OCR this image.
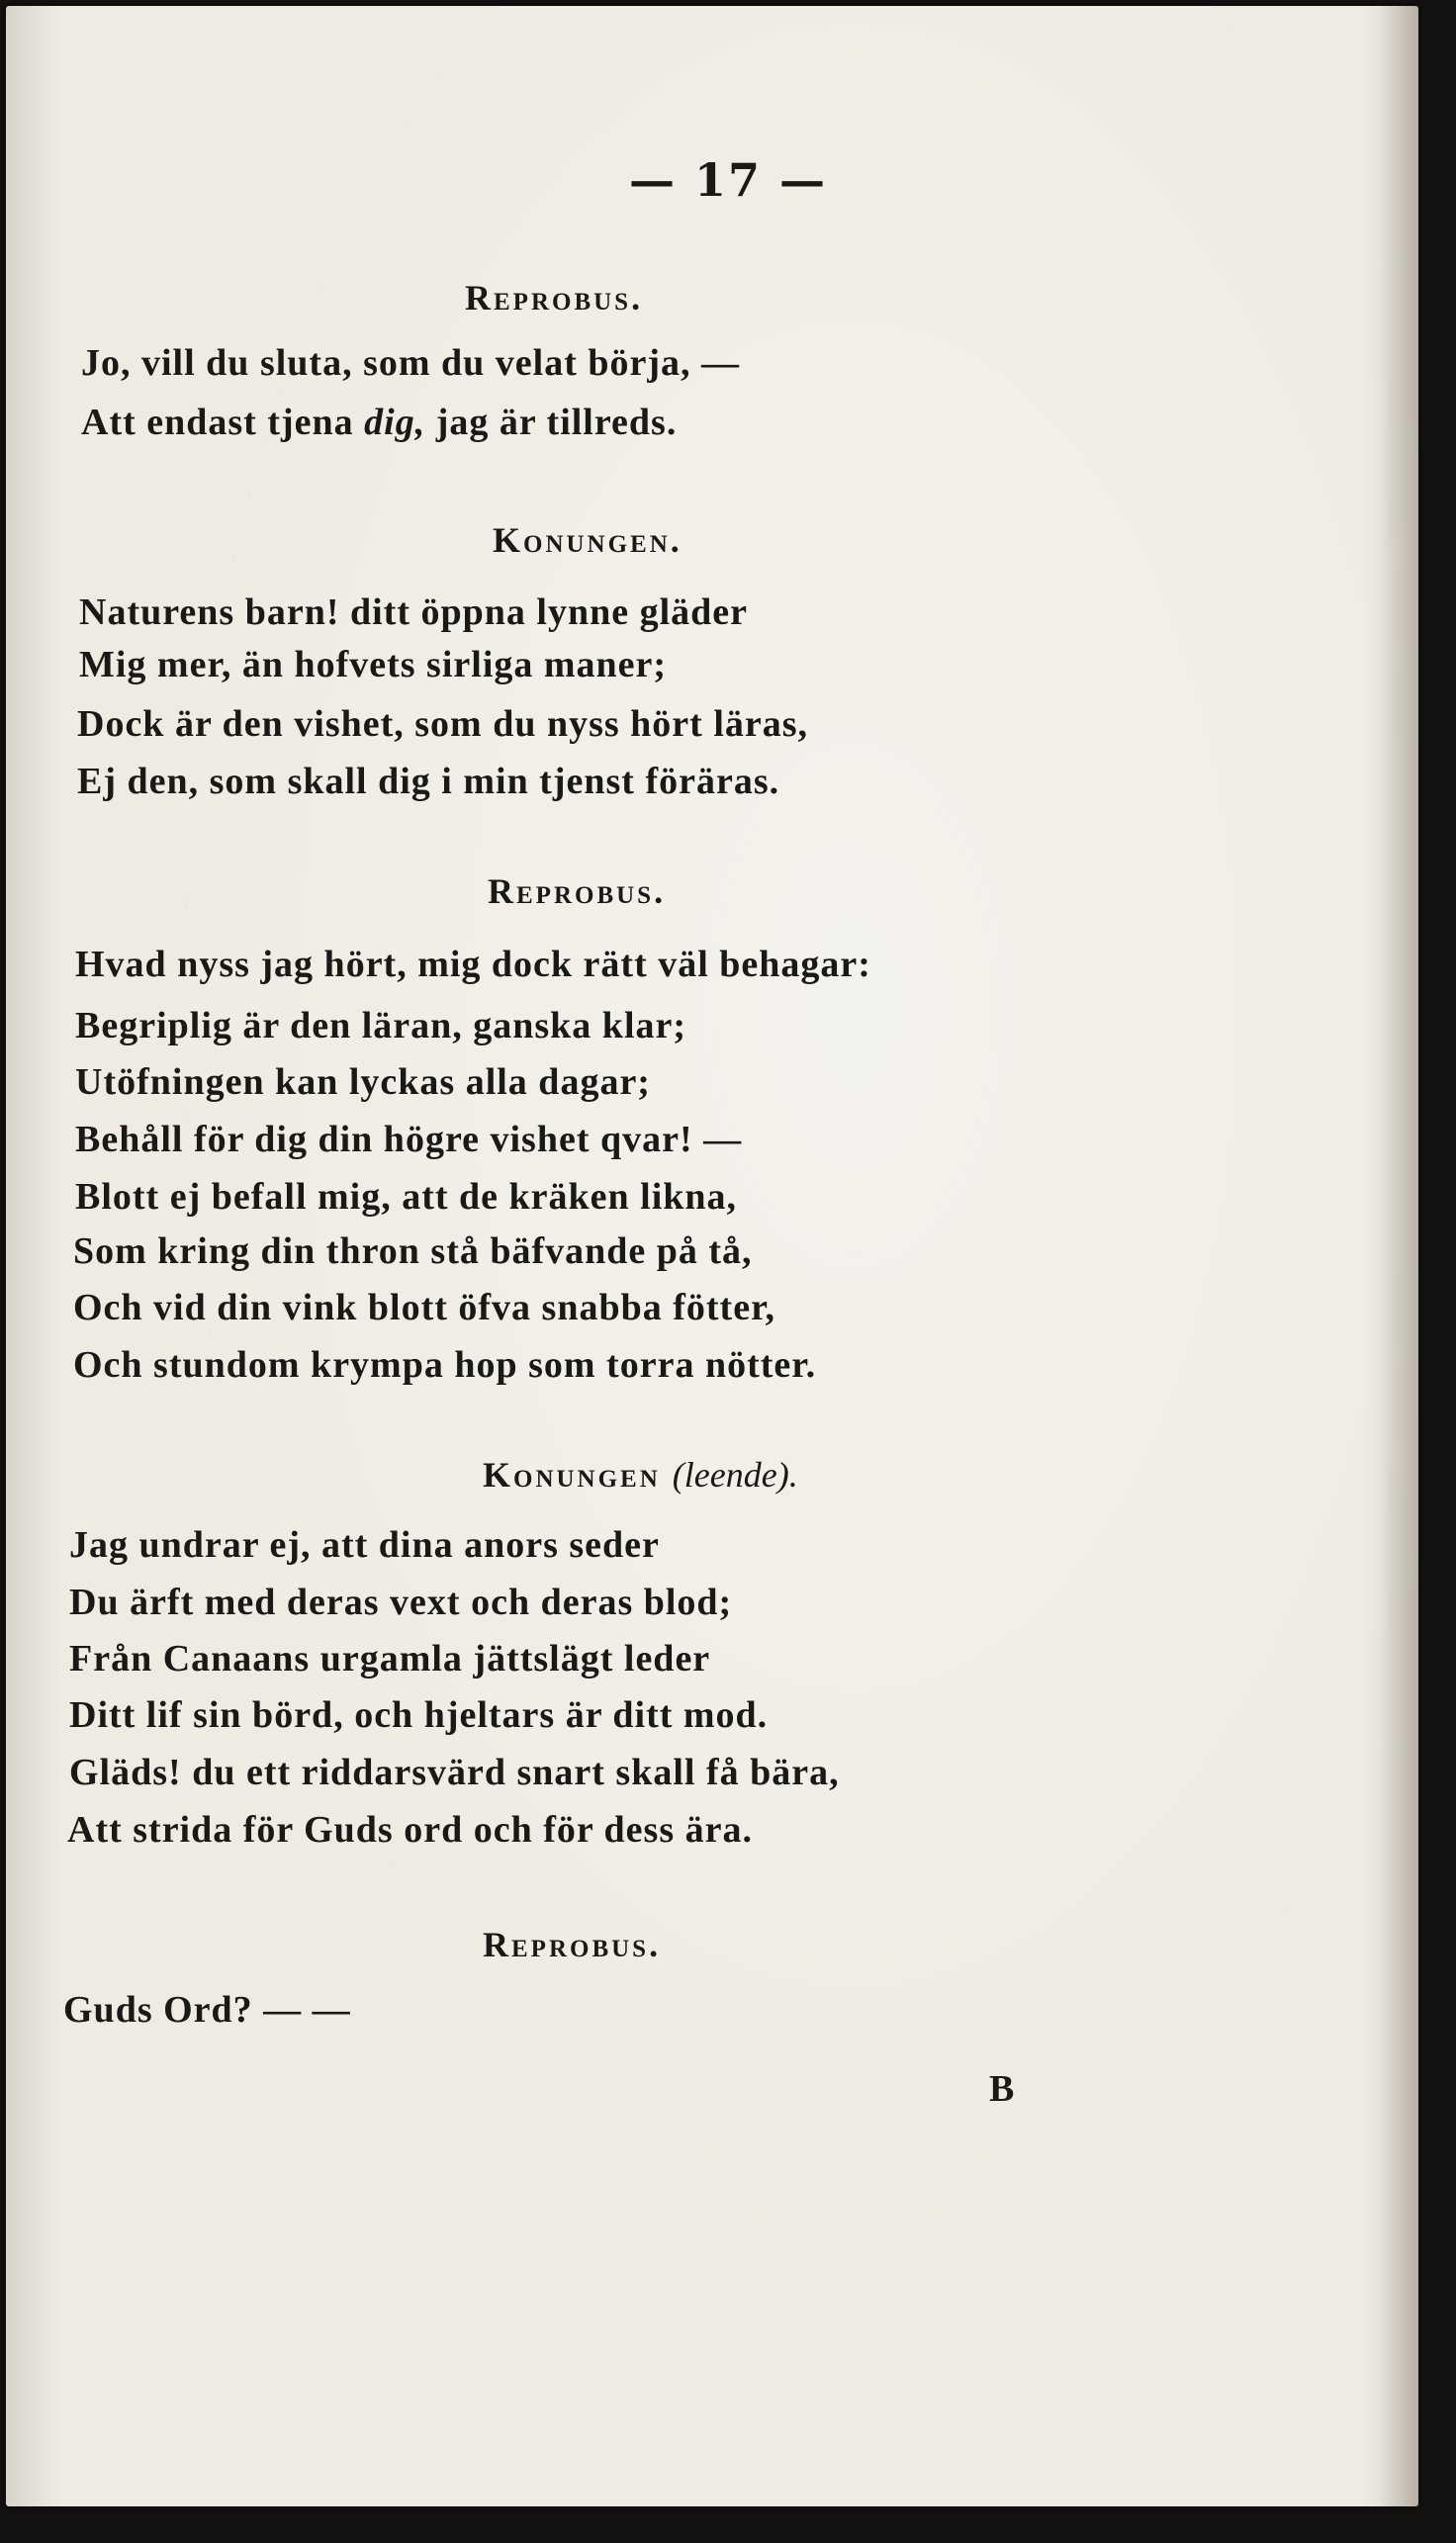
— 17 —
Reprobus.
Jo, vill du sluta, som du velat börja, —
Att endast tjena dig, jag är tillreds.
Konungen.
Naturens barn! ditt öppna lynne gläder
Mig mer, än hofvets sirliga maner;
Dock är den vishet, som du nyss hört läras,
Ej den, som skall dig i min tjenst föräras.
Reprobus.
Hvad nyss jag hört, mig dock rätt väl behagar:
Begriplig är den läran, ganska klar;
Utöfningen kan lyckas alla dagar;
Behåll för dig din högre vishet qvar! —
Blott ej befall mig, att de kräken likna,
Som kring din thron stå bäfvande på tå,
Och vid din vink blott öfva snabba fötter,
Och stundom krympa hop som torra nötter.
Konungen (leende).
Jag undrar ej, att dina anors seder
Du ärft med deras vext och deras blod;
Från Canaans urgamla jättslägt leder
Ditt lif sin börd, och hjeltars är ditt mod.
Gläds! du ett riddarsvärd snart skall få bära,
Att strida för Guds ord och för dess ära.
Reprobus.
Guds Ord? — —
B
